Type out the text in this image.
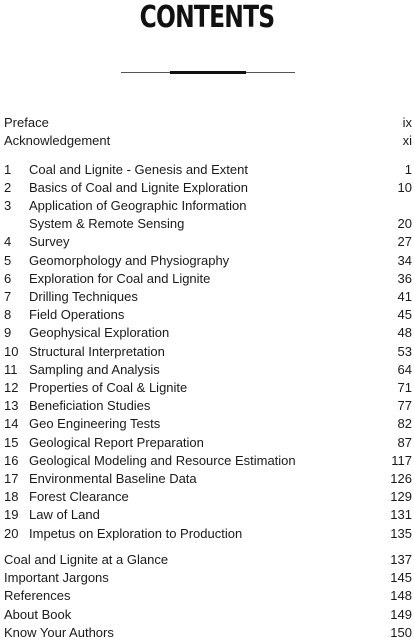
CONTENTS
Preface	ix
Acknowledgement	xi
1 Coal and Lignite - Genesis and Extent	1
2 Basics of Coal and Lignite Exploration	10
3 Application of Geographic Information
System & Remote Sensing	20
4 Survey	27
5 Geomorphology and Physiography	34
6 Exploration for Coal and Lignite	36
7 Drilling Techniques	41
8 Field Operations	45
9 Geophysical Exploration	48
10 Structural Interpretation	53
11 Sampling and Analysis	64
12 Properties of Coal & Lignite	71
13 Beneficiation Studies	77
14 Geo Engineering Tests	82
15 Geological Report Preparation	87
16 Geological Modeling and Resource Estimation	117
17 Environmental Baseline Data	126
18 Forest Clearance	129
19 Law of Land	131
20 Impetus on Exploration to Production	135
Coal and Lignite at a Glance	137
Important Jargons	145
References	148
About Book	149
Know Your Authors	150
